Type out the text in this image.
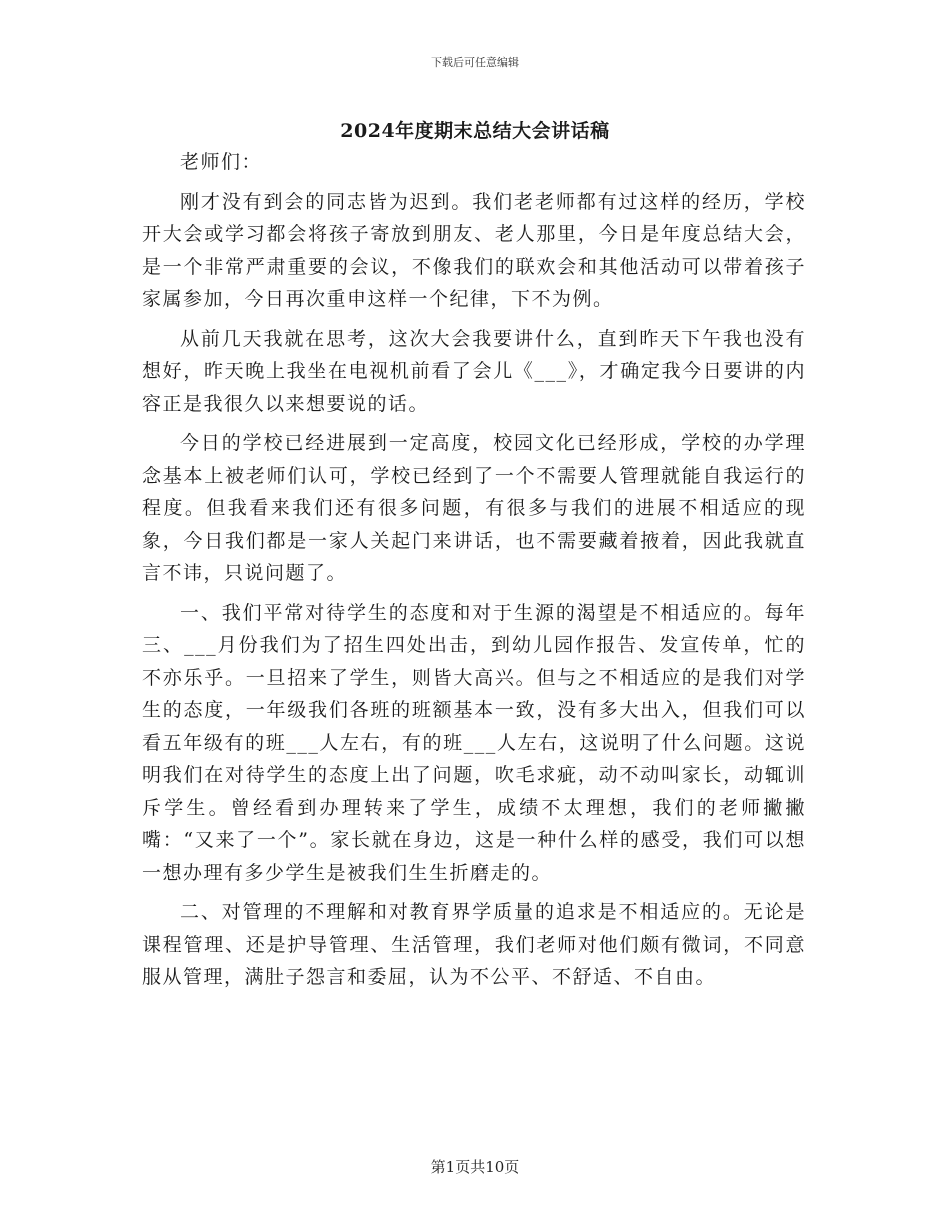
下载后可任意编辑
2024年度期末总结大会讲话稿

老师们：

刚才没有到会的同志皆为迟到。我们老老师都有过这样的经历，学校开大会或学习都会将孩子寄放到朋友、老人那里，今日是年度总结大会，是一个非常严肃重要的会议，不像我们的联欢会和其他活动可以带着孩子家属参加，今日再次重申这样一个纪律，下不为例。

从前几天我就在思考，这次大会我要讲什么，直到昨天下午我也没有想好，昨天晚上我坐在电视机前看了会儿《___》，才确定我今日要讲的内容正是我很久以来想要说的话。

今日的学校已经进展到一定高度，校园文化已经形成，学校的办学理念基本上被老师们认可，学校已经到了一个不需要人管理就能自我运行的程度。但我看来我们还有很多问题，有很多与我们的进展不相适应的现象，今日我们都是一家人关起门来讲话，也不需要藏着掖着，因此我就直言不讳，只说问题了。

一、我们平常对待学生的态度和对于生源的渴望是不相适应的。每年三、___月份我们为了招生四处出击，到幼儿园作报告、发宣传单，忙的不亦乐乎。一旦招来了学生，则皆大高兴。但与之不相适应的是我们对学生的态度，一年级我们各班的班额基本一致，没有多大出入，但我们可以看五年级有的班___人左右，有的班___人左右，这说明了什么问题。这说明我们在对待学生的态度上出了问题，吹毛求疵，动不动叫家长，动辄训斥学生。曾经看到办理转来了学生，成绩不太理想，我们的老师撇撇嘴：“又来了一个”。家长就在身边，这是一种什么样的感受，我们可以想一想办理有多少学生是被我们生生折磨走的。

二、对管理的不理解和对教育界学质量的追求是不相适应的。无论是课程管理、还是护导管理、生活管理，我们老师对他们颇有微词，不同意服从管理，满肚子怨言和委屈，认为不公平、不舒适、不自由。

第1页共10页
